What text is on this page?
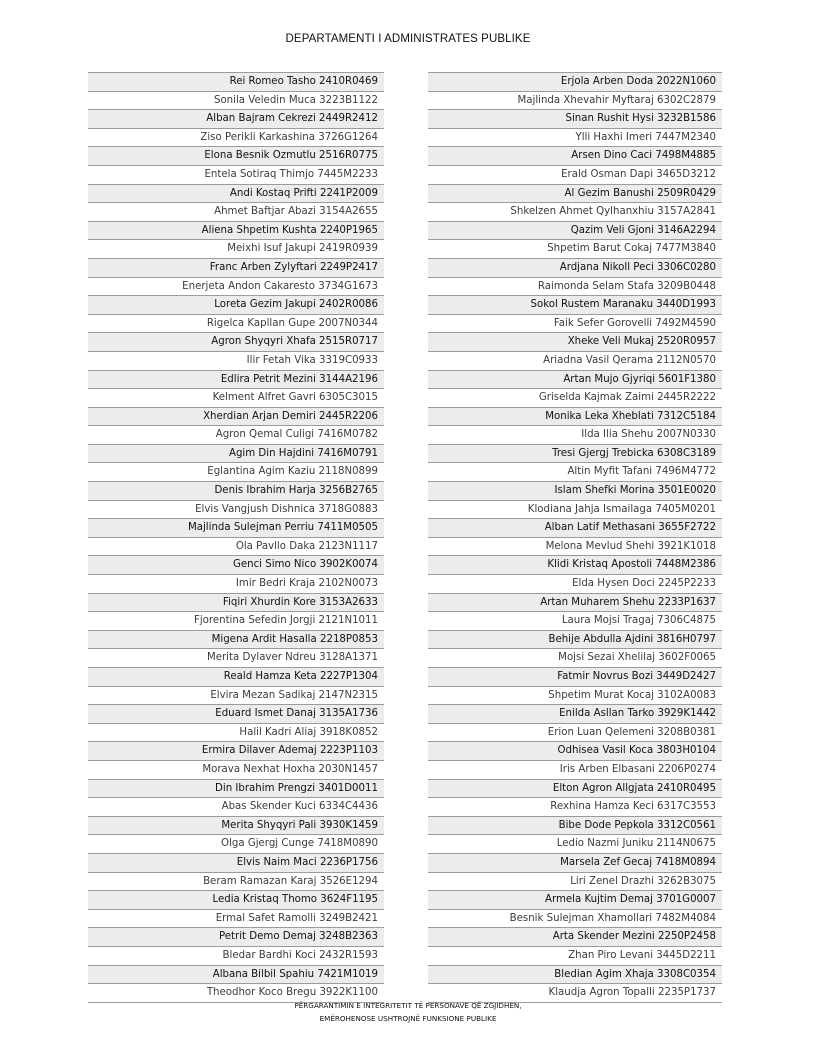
DEPARTAMENTI I ADMINISTRATES PUBLIKE
Rei Romeo Tasho 2410R0469
Sonila Veledin Muca 3223B1122
Alban Bajram Cekrezi 2449R2412
Ziso Perikli Karkashina 3726G1264
Elona Besnik Ozmutlu 2516R0775
Entela Sotiraq Thimjo 7445M2233
Andi Kostaq Prifti 2241P2009
Ahmet Baftjar Abazi 3154A2655
Aliena Shpetim Kushta 2240P1965
Meixhi Isuf Jakupi 2419R0939
Franc Arben Zylyftari 2249P2417
Enerjeta Andon Cakaresto 3734G1673
Loreta Gezim Jakupi 2402R0086
Rigelca Kapllan Gupe 2007N0344
Agron Shyqyri Xhafa 2515R0717
Ilir Fetah Vika 3319C0933
Edlira Petrit Mezini 3144A2196
Kelment Alfret Gavri 6305C3015
Xherdian Arjan Demiri 2445R2206
Agron Qemal Culigi 7416M0782
Agim Din Hajdini 7416M0791
Eglantina Agim Kaziu 2118N0899
Denis Ibrahim Harja 3256B2765
Elvis Vangjush Dishnica 3718G0883
Majlinda Sulejman Perriu 7411M0505
Ola Pavllo Daka 2123N1117
Genci Simo Nico 3902K0074
Imir Bedri Kraja 2102N0073
Fiqiri Xhurdin Kore 3153A2633
Fjorentina Sefedin Jorgji 2121N1011
Migena Ardit Hasalla 2218P0853
Merita Dylaver Ndreu 3128A1371
Reald Hamza Keta 2227P1304
Elvira Mezan Sadikaj 2147N2315
Eduard Ismet Danaj 3135A1736
Halil Kadri Aliaj 3918K0852
Ermira Dilaver Ademaj 2223P1103
Morava Nexhat Hoxha 2030N1457
Din Ibrahim Prengzi 3401D0011
Abas Skender Kuci 6334C4436
Merita Shyqyri Pali 3930K1459
Olga Gjergj Cunge 7418M0890
Elvis Naim Maci 2236P1756
Beram Ramazan Karaj 3526E1294
Ledia Kristaq Thomo 3624F1195
Ermal Safet Ramolli 3249B2421
Petrit Demo Demaj 3248B2363
Bledar Bardhi Koci 2432R1593
Albana Bilbil Spahiu 7421M1019
Theodhor Koco Bregu 3922K1100
Erjola Arben Doda 2022N1060
Majlinda Xhevahir Myftaraj 6302C2879
Sinan Rushit Hysi 3232B1586
Ylli Haxhi Imeri 7447M2340
Arsen Dino Caci 7498M4885
Erald Osman Dapi 3465D3212
Al Gezim Banushi 2509R0429
Shkelzen Ahmet Qylhanxhiu 3157A2841
Qazim Veli Gjoni 3146A2294
Shpetim Barut Cokaj 7477M3840
Ardjana Nikoll Peci 3306C0280
Raimonda Selam Stafa 3209B0448
Sokol Rustem Maranaku 3440D1993
Faik Sefer Gorovelli 7492M4590
Xheke Veli Mukaj 2520R0957
Ariadna Vasil Qerama 2112N0570
Artan Mujo Gjyriqi 5601F1380
Griselda Kajmak Zaimi 2445R2222
Monika Leka Xheblati 7312C5184
Ilda Ilia Shehu 2007N0330
Tresi Gjergj Trebicka 6308C3189
Altin Myfit Tafani 7496M4772
Islam Shefki Morina 3501E0020
Klodiana Jahja Ismailaga 7405M0201
Alban Latif Methasani 3655F2722
Melona Mevlud Shehi 3921K1018
Klidi Kristaq Apostoli 7448M2386
Elda Hysen Doci 2245P2233
Artan Muharem Shehu 2233P1637
Laura Mojsi Tragaj 7306C4875
Behije Abdulla Ajdini 3816H0797
Mojsi Sezai Xhelilaj 3602F0065
Fatmir Novrus Bozi 3449D2427
Shpetim Murat Kocaj 3102A0083
Enilda Asllan Tarko 3929K1442
Erion Luan Qelemeni 3208B0381
Odhisea Vasil Koca 3803H0104
Iris Arben Elbasani 2206P0274
Elton Agron Allgjata 2410R0495
Rexhina Hamza Keci 6317C3553
Bibe Dode Pepkola 3312C0561
Ledio Nazmi Juniku 2114N0675
Marsela Zef Gecaj 7418M0894
Liri Zenel Drazhi 3262B3075
Armela Kujtim Demaj 3701G0007
Besnik Sulejman Xhamollari 7482M4084
Arta Skender Mezini 2250P2458
Zhan Piro Levani 3445D2211
Bledian Agim Xhaja 3308C0354
Klaudja Agron Topalli 2235P1737
PËRGARANTIMIN E INTEGRITETIT TË PERSONAVE QË ZGJIDHEN,
EMËROHENOSE USHTROJNË FUNKSIONE PUBLIKE
